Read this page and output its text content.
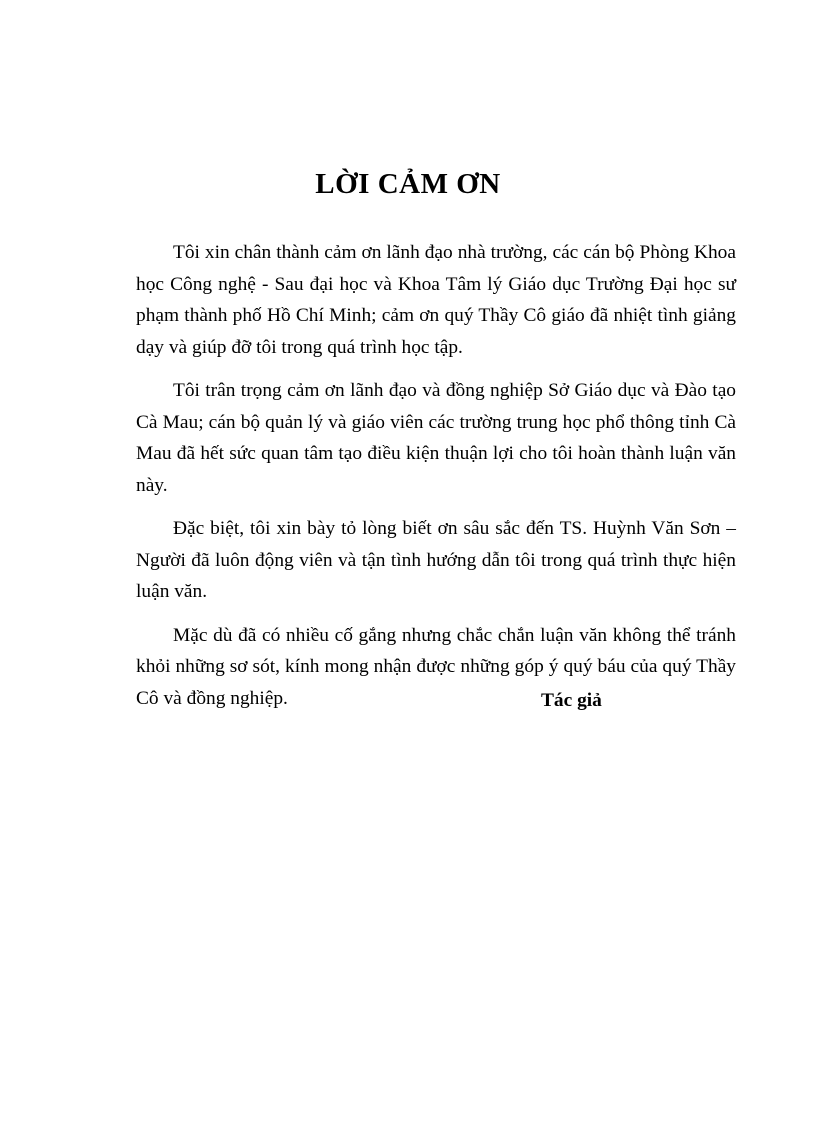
LỜI CẢM ƠN

Tôi xin chân thành cảm ơn lãnh đạo nhà trường, các cán bộ Phòng Khoa học Công nghệ - Sau đại học và Khoa Tâm lý Giáo dục Trường Đại học sư phạm thành phố Hồ Chí Minh; cảm ơn quý Thầy Cô giáo đã nhiệt tình giảng dạy và giúp đỡ tôi trong quá trình học tập.

Tôi trân trọng cảm ơn lãnh đạo và đồng nghiệp Sở Giáo dục và Đào tạo Cà Mau; cán bộ quản lý và giáo viên các trường trung học phổ thông tỉnh Cà Mau đã hết sức quan tâm tạo điều kiện thuận lợi cho tôi hoàn thành luận văn này.

Đặc biệt, tôi xin bày tỏ lòng biết ơn sâu sắc đến TS. Huỳnh Văn Sơn – Người đã luôn động viên và tận tình hướng dẫn tôi trong quá trình thực hiện luận văn.

Mặc dù đã có nhiều cố gắng nhưng chắc chắn luận văn không thể tránh khỏi những sơ sót, kính mong nhận được những góp ý quý báu của quý Thầy Cô và đồng nghiệp.	Tác giả
